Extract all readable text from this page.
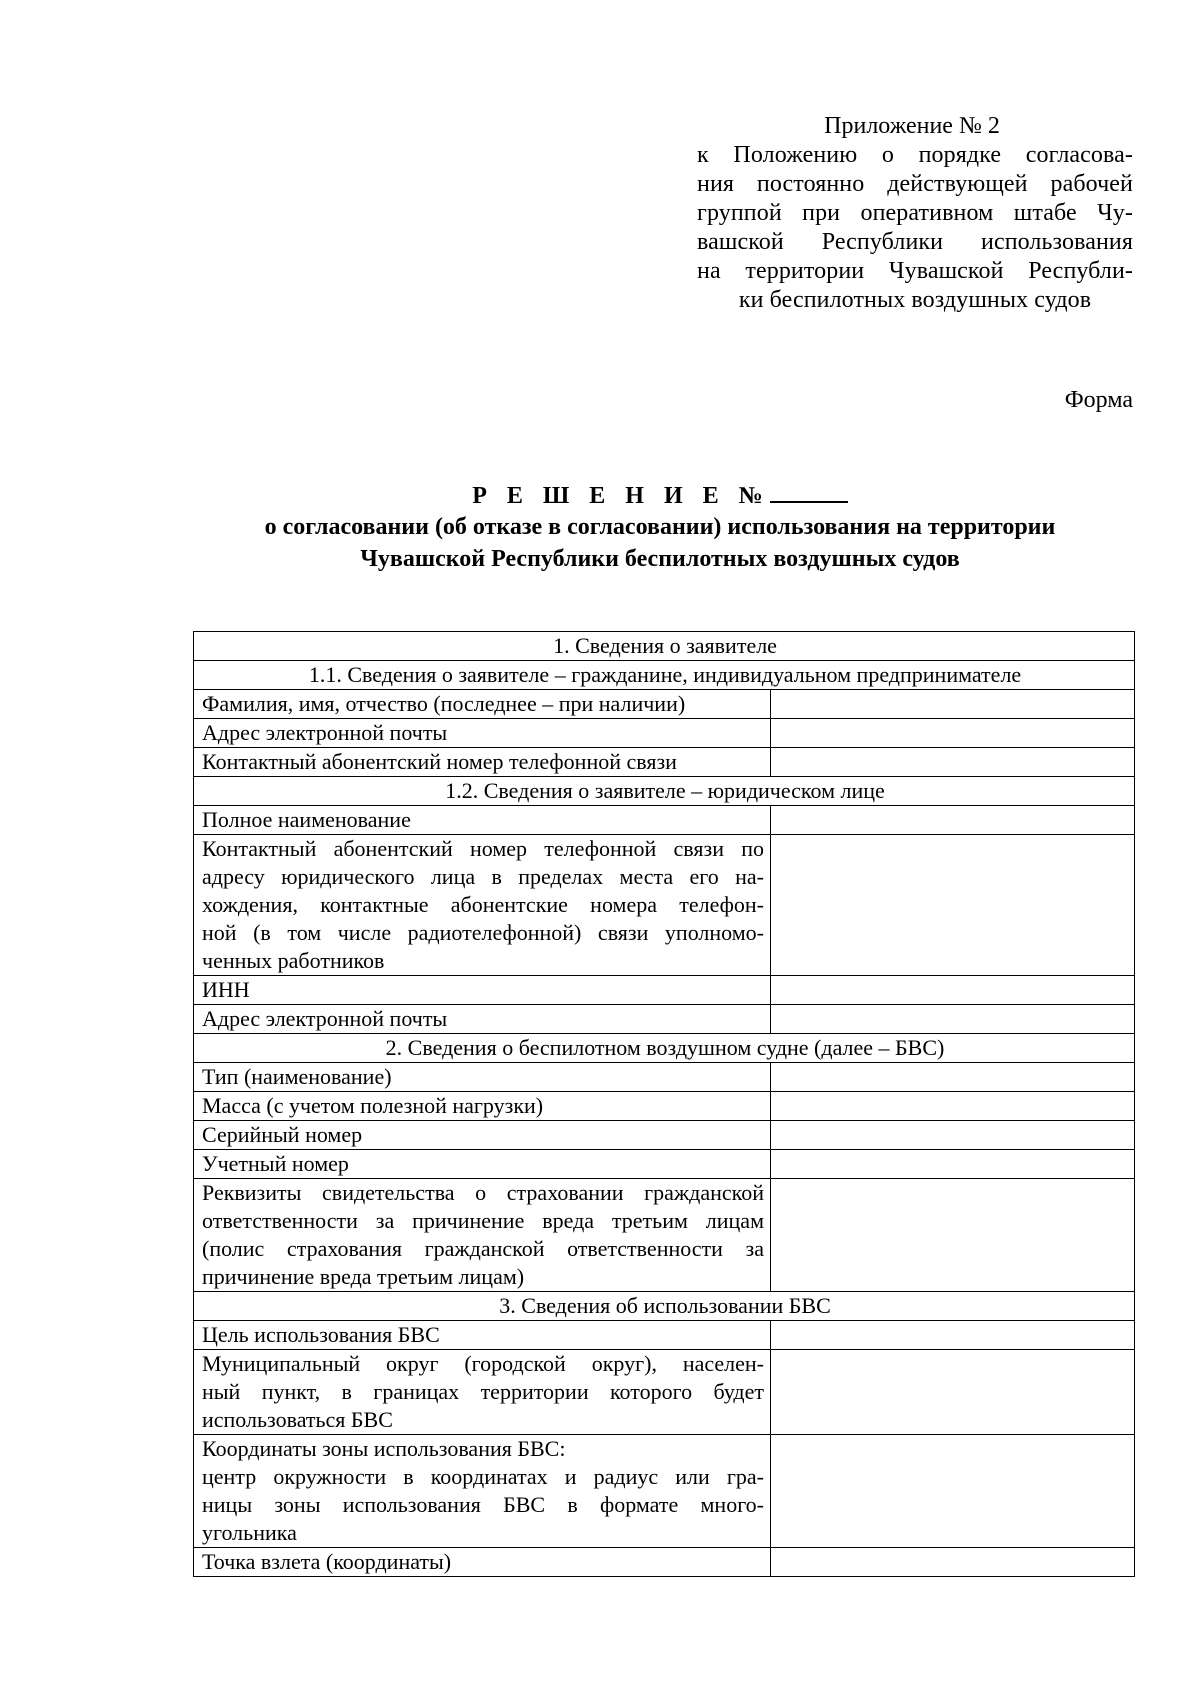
Приложение № 2
к Положению о порядке согласова-
ния постоянно действующей рабочей
группой при оперативном штабе Чу-
вашской Республики использования
на территории Чувашской Республи-
ки беспилотных воздушных судов
Форма
Р Е Ш Е Н И Е №
о согласовании (об отказе в согласовании) использования на территории
Чувашской Республики беспилотных воздушных судов
1. Сведения о заявителе	
1.1. Сведения о заявителе – гражданине, индивидуальном предпринимателе	
Фамилия, имя, отчество (последнее – при наличии)	
Адрес электронной почты	
Контактный абонентский номер телефонной связи	
1.2. Сведения о заявителе – юридическом лице	
Полное наименование	

Контактный абонентский номер телефонной связи по
адресу юридического лица в пределах места его на-
хождения, контактные абонентские номера телефон-
ной (в том числе радиотелефонной) связи уполномо-
ченных работников	

ИНН	
Адрес электронной почты	
2. Сведения о беспилотном воздушном судне (далее – БВС)	
Тип (наименование)	
Масса (с учетом полезной нагрузки)	
Серийный номер	
Учетный номер	

Реквизиты свидетельства о страховании гражданской
ответственности за причинение вреда третьим лицам
(полис страхования гражданской ответственности за
причинение вреда третьим лицам)	

3. Сведения об использовании БВС	
Цель использования БВС	

Муниципальный округ (городской округ), населен-
ный пункт, в границах территории которого будет
использоваться БВС	

Координаты зоны использования БВС:
центр окружности в координатах и радиус или гра-
ницы зоны использования БВС в формате много-
угольника	

Точка взлета (координаты)	
